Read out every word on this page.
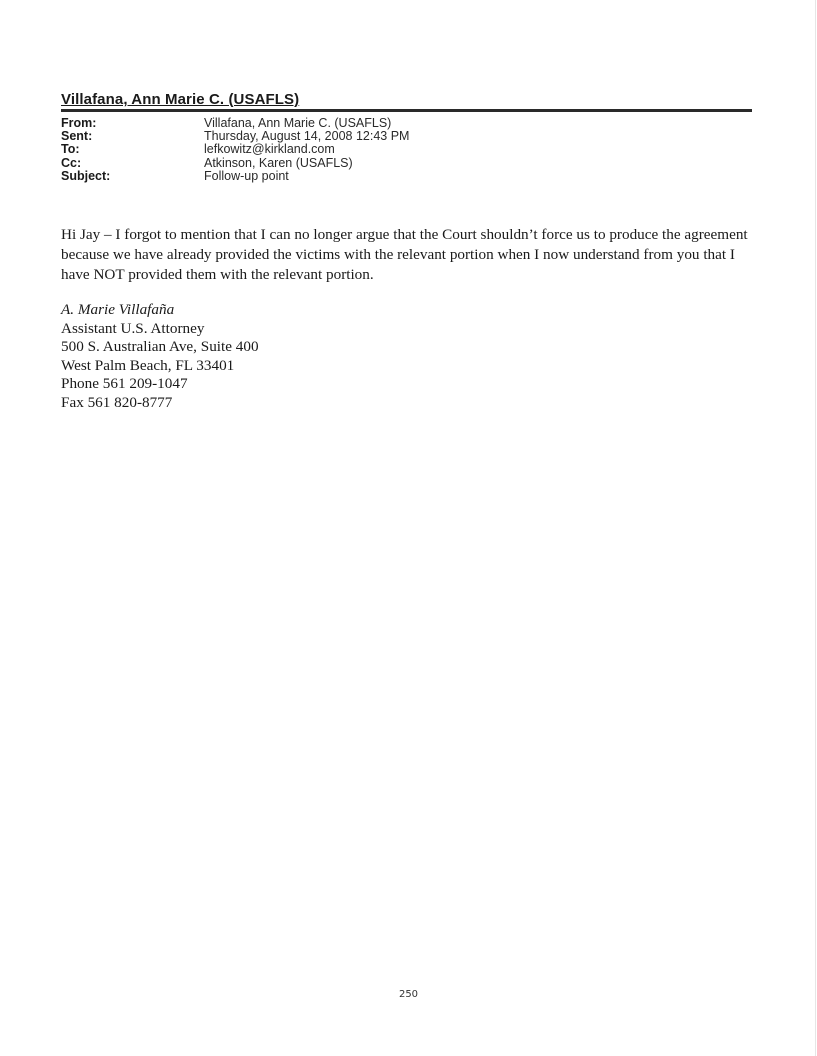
Villafana, Ann Marie C. (USAFLS)
From:	Villafana, Ann Marie C. (USAFLS)
Sent:	Thursday, August 14, 2008 12:43 PM
To:	lefkowitz@kirkland.com
Cc:	Atkinson, Karen (USAFLS)
Subject:	Follow-up point

Hi Jay – I forgot to mention that I can no longer argue that the Court shouldn’t force us to produce the agreement because we have already provided the victims with the relevant portion when I now understand from you that I have NOT provided them with the relevant portion.

A. Marie Villafaña
Assistant U.S. Attorney
500 S. Australian Ave, Suite 400
West Palm Beach, FL 33401
Phone 561 209-1047
Fax 561 820-8777
250
